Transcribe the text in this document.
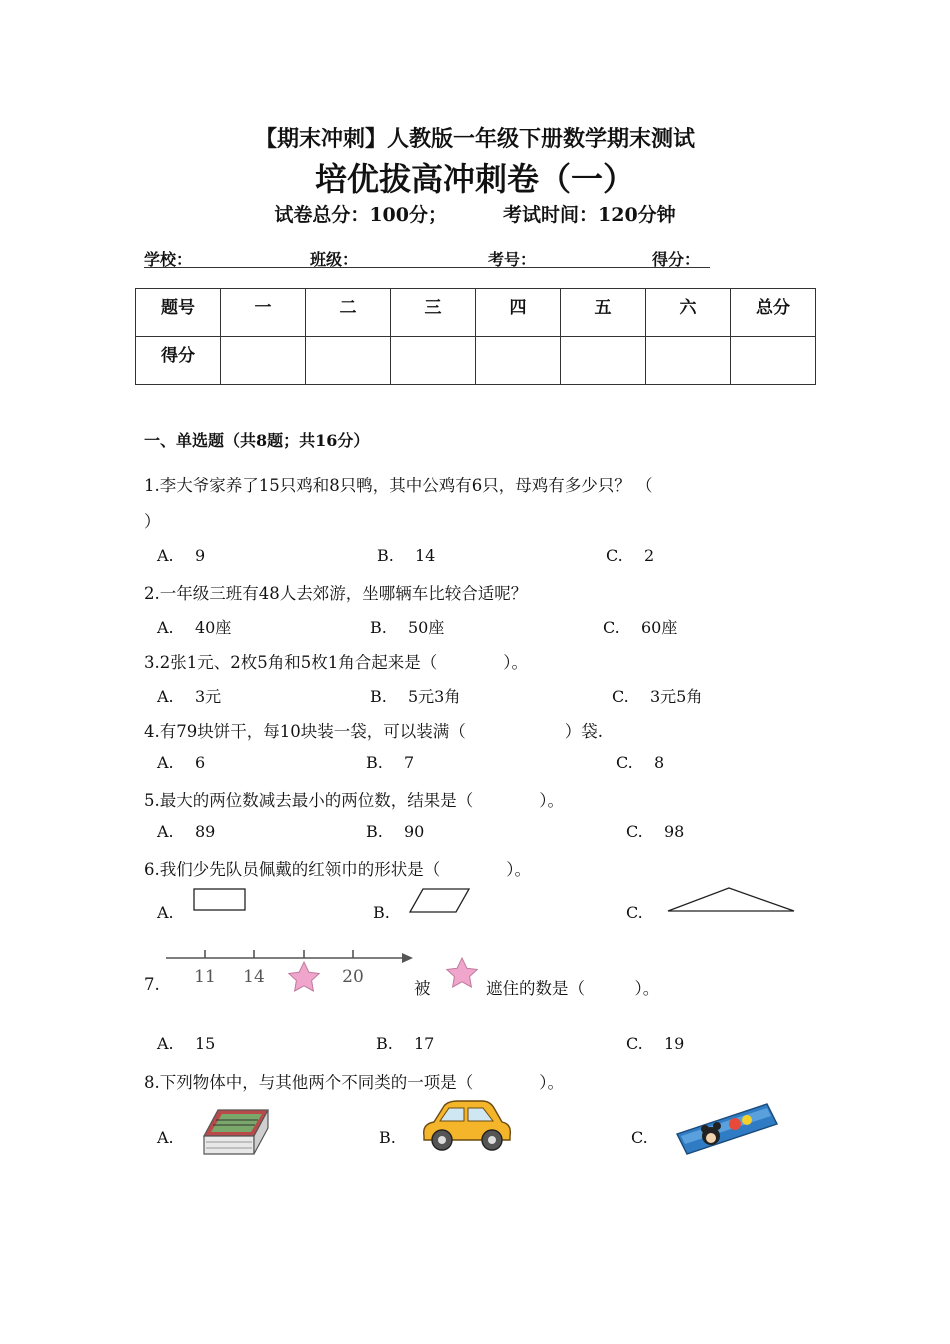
【期末冲刺】人教版一年级下册数学期末测试
培优拔高冲刺卷（一）
试卷总分：100分；	考试时间：120分钟
学校：	班级：	考号：	得分：
题号	一	二	三	四	五	六	总分
得分							
一、单选题（共8题；共16分）
1.李大爷家养了15只鸡和8只鸭，其中公鸡有6只，母鸡有多少只？ （
）
A. 9	B. 14	C. 2
2.一年级三班有48人去郊游，坐哪辆车比较合适呢？
A. 40座	B. 50座	C. 60座
3.2张1元、2枚5角和5枚1角合起来是（　　　　）。
A. 3元	B. 5元3角	C. 3元5角
4.有79块饼干，每10块装一袋，可以装满（　　　　　　）袋.
A. 6	B. 7	C. 8
5.最大的两位数减去最小的两位数，结果是（　　　　）。
A. 89	B. 90	C. 98
6.我们少先队员佩戴的红领巾的形状是（　　　　）。
A.	B.	C.
7. 11 14	20
被	遮住的数是（　　　）。
A. 15	B. 17	C. 19
8.下列物体中，与其他两个不同类的一项是（　　　　）。
A.	B.	C.
